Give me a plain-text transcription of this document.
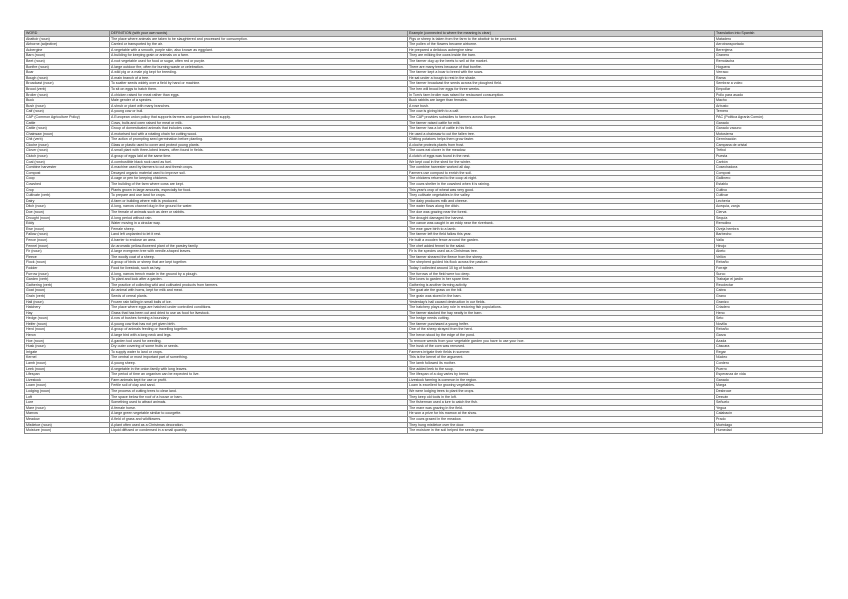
WORD	DEFINITION (with your own words)	Example (connected to where the meaning is clear)	Translation into Spanish
Abattoir (noun)	The place where animals are taken to be slaughtered and processed for consumption.	Pigs or sheep is taken from the farm to the abattoir to be processed.	Matadero
Airborne (adjective)	Carried or transported by the air.	The pollen of the flowers became airborne.	Aerotransportado
Aubergine	A vegetable with a smooth, purple skin, also known as eggplant.	He prepared a delicious aubergine stew.	Berenjena
Barn (noun)	A building for keeping grain or animals on a farm.	They are milking the cows inside the barn.	Granero
Beet (noun)	A root vegetable used for food or sugar, often red or purple.	The farmer dug up the beets to sell at the market.	Remolacha
Bonfire (noun)	A large outdoor fire, often for burning waste or celebration.	There are many trees because of that bonfire.	Hoguera
Boar	A wild pig or a male pig kept for breeding.	The farmer kept a boar to breed with the sows.	Verraco
Bough (noun)	A main branch of a tree.	He sat under a bough to rest in the shade.	Rama
Broadcast (noun)	To scatter seeds widely over a field by hand or machine.	The farmer broadcast the seeds across the ploughed field.	Sembrar a voleo
Brood (verb)	To sit on eggs to hatch them.	The hen will brood her eggs for three weeks.	Empollar
Broiler (noun)	A chicken raised for meat rather than eggs.	In Tom's farm broiler was raised for restaurant consumption.	Pollo para asado
Buck	Male gender of a species.	Buck rabbits are larger than females.	Macho
Bush (noun)	A shrub or plant with many branches.	A rose bush.	Arbusto
Calf (noun)	A young cow or bull.	The cow is giving birth to a calf.	Ternero
CAP (Common Agriculture Policy)	A European union policy that supports farmers and guarantees food supply.	The CAP provides subsidies to farmers across Europe.	PAC (Política Agraria Común)
Cattle	Cows, bulls and oxen raised for meat or milk.	The farmer raised cattle for milk.	Ganado
Cattle (noun)	Group of domesticated animals that includes cows.	The farmer has a lot of cattle in his field.	Ganado vacuno
Chainsaw (noun)	A motorised tool with a rotating chain for cutting wood.	He used a chainsaw to cut the fallen tree.	Motosierra
Chit (verb)	The action of prompting seed germination before planting.	Chitting potatoes helps them grow faster.	Germinación
Cloche (noun)	Glass or plastic used to cover and protect young plants.	A cloche protects plants from frost.	Campana de cristal
Clover (noun)	A small plant with three-lobed leaves, often found in fields.	The cows eat clover in the meadow.	Trébol
Clutch (noun)	A group of eggs laid at the same time.	A clutch of eggs was found in the nest.	Puesta
Coal (noun)	A combustible black rock used as fuel.	We kept coal in the shed for the winter.	Carbón
Combine harvester	A machine used by farmers to cut and thresh crops.	The combine harvester worked all day.	Cosechadora
Compost	Decayed organic material used to improve soil.	Farmers use compost to enrich the soil.	Compost
Coop	A cage or pen for keeping chickens.	The chickens returned to the coop at night.	Gallinero
Cowshed	The building of the farm where cows are kept.	The cows shelter in the cowshed when it is raining.	Establo
Crop	Plants grown in large amounts, especially for food.	This year's crop of wheat was very good.	Cultivo
Cultivate (verb)	To prepare and use land for crops.	They cultivate vegetables in the valley.	Cultivar
Dairy	A farm or building where milk is produced.	The dairy produces milk and cheese.	Lechería
Ditch (noun)	A long, narrow channel dug in the ground for water.	The water flows along the ditch.	Acequia, zanja
Doe (noun)	The female of animals such as deer or rabbits.	The doe was grazing near the forest.	Cierva
Drought (noun)	A long period without rain.	The drought damaged the harvest.	Sequía
Eddy	Water moving in a circular way.	The canoe was caught in an eddy near the riverbank.	Remolino
Ewe (noun)	Female sheep.	The ewe gave birth to a lamb.	Oveja hembra
Fallow (noun)	Land left unplanted to let it rest.	The farmer left the field fallow this year.	Barbecho
Fence (noun)	A barrier to enclose an area.	He built a wooden fence around the garden.	Valla
Fennel (noun)	An aromatic yellow-flowered plant of the parsley family.	The chef added fennel to the salad.	Hinojo
Fir (noun)	A large evergreen tree with needle-shaped leaves.	Fir is the species used as a Christmas tree.	Abeto
Fleece	The woolly coat of a sheep.	The farmer sheared the fleece from the sheep.	Vellón
Flock (noun)	A group of birds or sheep that are kept together.	The shepherd guided his flock across the pasture.	Rebaño
Fodder	Food for livestock, such as hay.	Today I collected around 10 kg of fodder.	Forraje
Furrow (noun)	A long, narrow trench made in the ground by a plough.	The furrows of the field were too deep.	Surco
Garden (verb)	To plant and look after a garden.	She loves to garden in her spare time.	Trabajar el jardín
Gathering (verb)	The practice of collecting wild and cultivated products from farmers.	Gathering is another farming activity.	Recolectar
Goat (noun)	An animal with horns, kept for milk and meat.	The goat ate the grass on the hill.	Cabra
Grain (verb)	Seeds of cereal plants.	The grain was stored in the barn.	Grano
Hail (noun)	Frozen rain falling in small balls of ice.	Yesterday's hail caused destruction in our fields.	Granizo
Hatchery	The place where eggs are hatched under controlled conditions.	The hatchery plays a key role in restoring fish populations.	Criadero
Hay	Grass that has been cut and dried to use as food for livestock.	The farmer stacked the hay neatly in the barn.	Heno
Hedge (noun)	A row of bushes forming a boundary.	The hedge needs cutting.	Seto
Heifer (noun)	A young cow that has not yet given birth.	The farmer purchased a young heifer.	Novilla
Herd (noun)	A group of animals feeding or travelling together.	One of the sheep strayed from the herd.	Rebaño
Heron	A large bird with a long neck and legs.	The heron stood by the edge of the pond.	Garza
Hoe (noun)	A garden tool used for weeding.	To remove weeds from your vegetable garden you have to use your hoe.	Azada
Husk (noun)	Dry outer covering of some fruits or seeds.	The husk of the corn was removed.	Cáscara
Irrigate	To supply water to land or crops.	Farmers irrigate their fields in summer.	Regar
Kernel	The central or most important part of something.	This is the kernel of the argument.	Núcleo
Lamb (noun)	A young sheep.	The lamb followed its mother.	Cordero
Leek (noun)	A vegetable in the onion family with long leaves.	She added leek to the soup.	Puerro
Lifespan	The period of time an organism can be expected to live.	The lifespan of a dog varies by breed.	Esperanza de vida
Livestock	Farm animals kept for use or profit.	Livestock farming is common in the region.	Ganado
Loam (noun)	Fertile soil of clay and sand.	Loam is excellent for growing vegetables.	Marga
Lodging (noun)	The process of cutting trees to clear land.	We were lodging trees to plant the crops.	Desbroce
Loft	The space below the roof of a house or barn.	They keep old tools in the loft.	Desván
Lure	Something used to attract animals.	The fisherman used a lure to catch the fish.	Señuelo
Mare (noun)	A female horse.	The mare was grazing in the field.	Yegua
Marrow	A large green vegetable similar to courgette.	He won a prize for his marrow at the show.	Calabacín
Meadow	A field of grass and wildflowers.	The cows grazed in the meadow.	Prado
Mistletoe (noun)	A plant often used as a Christmas decoration.	They hung mistletoe over the door.	Muérdago
Moisture (noun)	Liquid diffused or condensed in a small quantity.	The moisture in the soil helped the seeds grow.	Humedad
